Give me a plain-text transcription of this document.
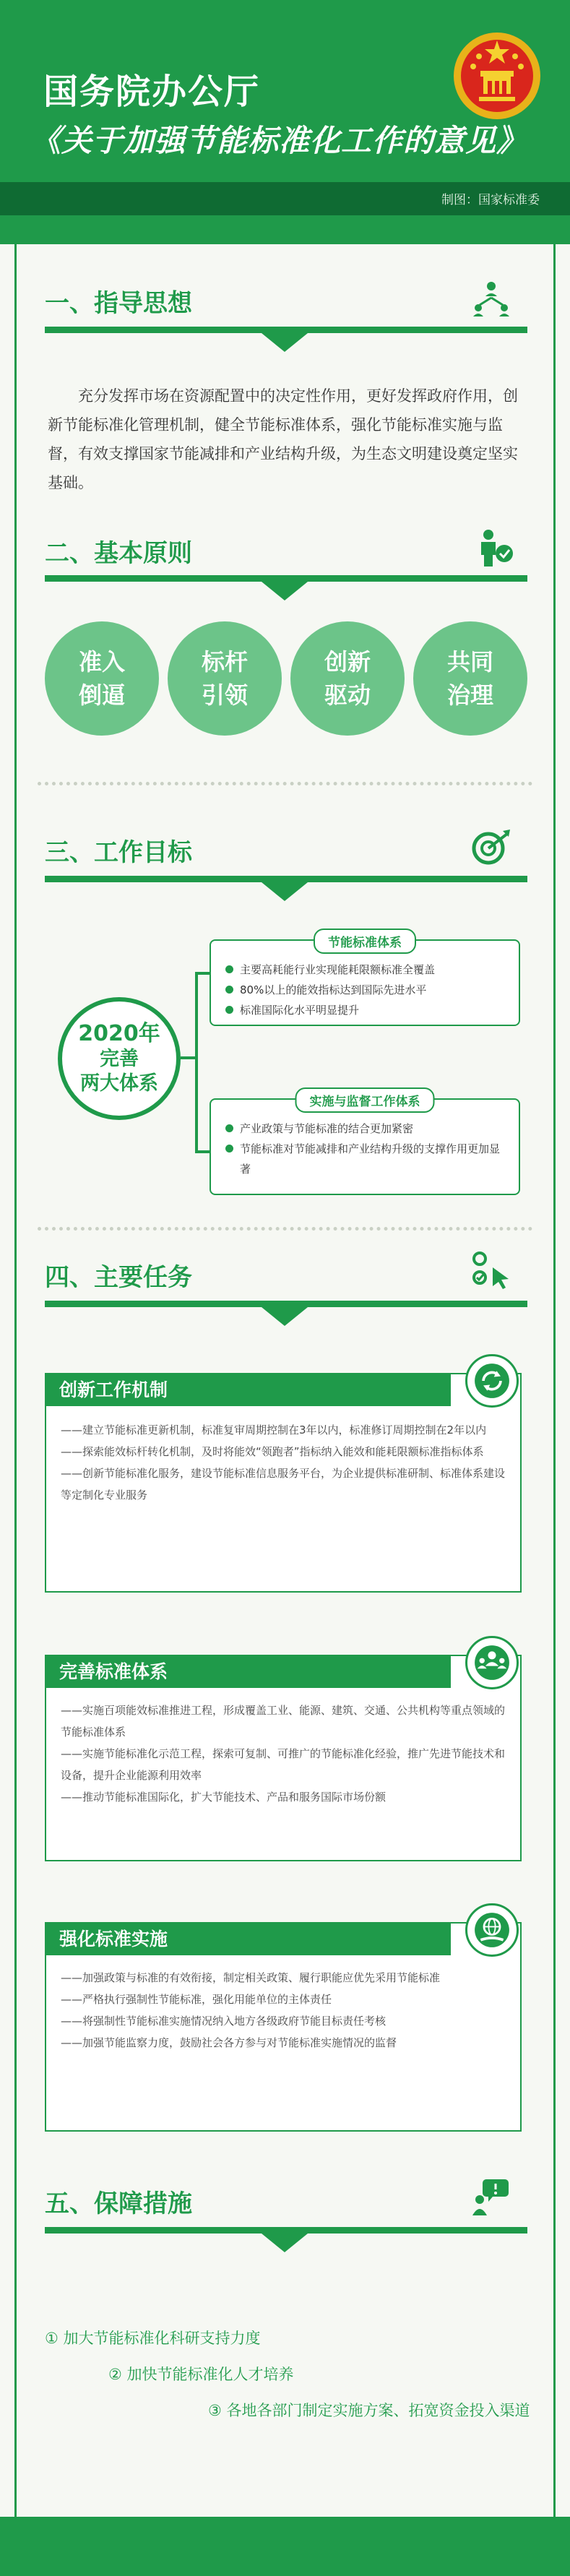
国务院办公厅
《关于加强节能标准化工作的意见》
制图：国家标准委
一、指导思想
充分发挥市场在资源配置中的决定性作用，更好发挥政府作用，创新节能标准化管理机制，健全节能标准体系，强化节能标准实施与监督，有效支撑国家节能减排和产业结构升级，为生态文明建设奠定坚实基础。
二、基本原则
准入
倒逼
标杆
引领
创新
驱动
共同
治理
三、工作目标
2020年
完善
两大体系
节能标准体系
主要高耗能行业实现能耗限额标准全覆盖
80%以上的能效指标达到国际先进水平
标准国际化水平明显提升
实施与监督工作体系
产业政策与节能标准的结合更加紧密
节能标准对节能减排和产业结构升级的支撑作用更加显著
四、主要任务
创新工作机制
——建立节能标准更新机制，标准复审周期控制在3年以内，标准修订周期控制在2年以内
——探索能效标杆转化机制，及时将能效“领跑者”指标纳入能效和能耗限额标准指标体系
——创新节能标准化服务，建设节能标准信息服务平台，为企业提供标准研制、标准体系建设等定制化专业服务
完善标准体系
——实施百项能效标准推进工程，形成覆盖工业、能源、建筑、交通、公共机构等重点领域的节能标准体系
——实施节能标准化示范工程，探索可复制、可推广的节能标准化经验，推广先进节能技术和设备，提升企业能源利用效率
——推动节能标准国际化，扩大节能技术、产品和服务国际市场份额
强化标准实施
——加强政策与标准的有效衔接，制定相关政策、履行职能应优先采用节能标准
——严格执行强制性节能标准，强化用能单位的主体责任
——将强制性节能标准实施情况纳入地方各级政府节能目标责任考核
——加强节能监察力度，鼓励社会各方参与对节能标准实施情况的监督
五、保障措施
① 加大节能标准化科研支持力度
② 加快节能标准化人才培养
③ 各地各部门制定实施方案、拓宽资金投入渠道
